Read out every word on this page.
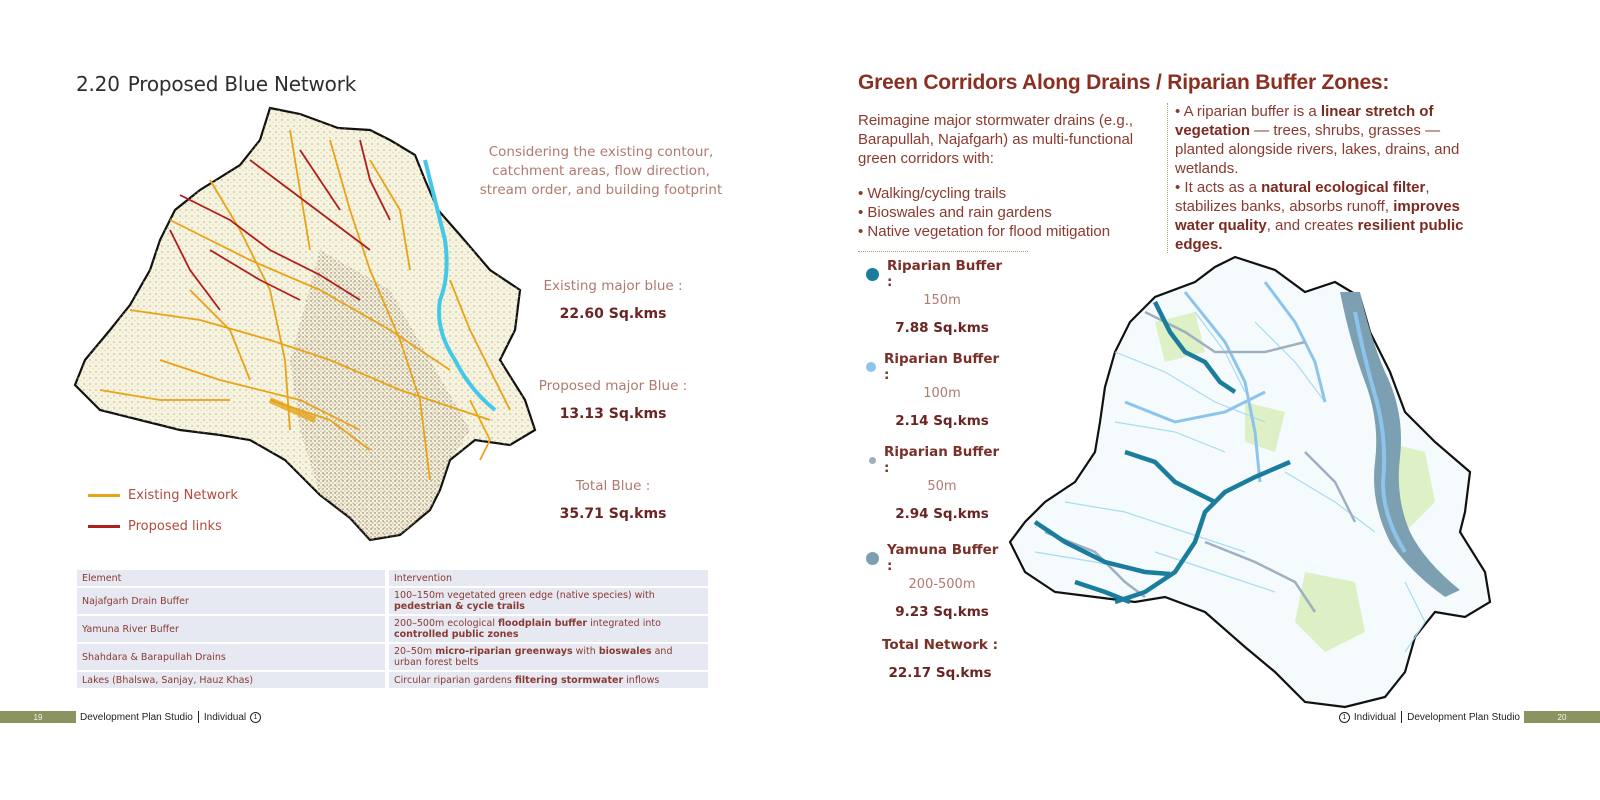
2.20 Proposed Blue Network
Considering the existing contour, catchment areas, flow direction, stream order, and building footprint
Existing major blue :
22.60 Sq.kms
Proposed major Blue :
13.13 Sq.kms
Total Blue :
35.71 Sq.kms
Existing Network
Proposed links
Element	Intervention
Najafgarh Drain Buffer	100–150m vegetated green edge (native species) with pedestrian & cycle trails
Yamuna River Buffer	200–500m ecological floodplain buffer integrated into controlled public zones
Shahdara & Barapullah Drains	20–50m micro-riparian greenways with bioswales and urban forest belts
Lakes (Bhalswa, Sanjay, Hauz Khas)	Circular riparian gardens filtering stormwater inflows
19	Development Plan Studio Individual	1
Green Corridors Along Drains / Riparian Buffer Zones:
Reimagine major stormwater drains (e.g., Barapullah, Najafgarh) as multi-functional green corridors with:
• Walking/cycling trails
• Bioswales and rain gardens
• Native vegetation for flood mitigation
• A riparian buffer is a linear stretch of vegetation — trees, shrubs, grasses — planted alongside rivers, lakes, drains, and wetlands.
• It acts as a natural ecological filter, stabilizes banks, absorbs runoff, improves water quality, and creates resilient public edges.
Riparian Buffer :
150m
7.88 Sq.kms
Riparian Buffer :
100m
2.14 Sq.kms
Riparian Buffer :
50m
2.94 Sq.kms
Yamuna Buffer :
200-500m
9.23 Sq.kms
Total Network :
22.17 Sq.kms
1 Individual Development Plan Studio	20
